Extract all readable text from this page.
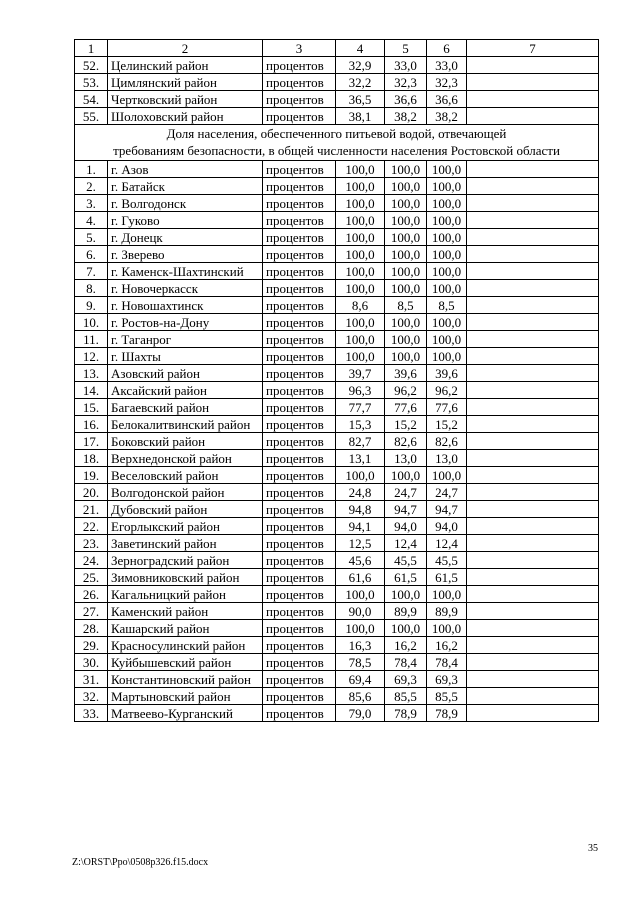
1	2	3	4	5	6	7
52.	Целинский район	процентов	32,9	33,0	33,0	
53.	Цимлянский район	процентов	32,2	32,3	32,3	
54.	Чертковский район	процентов	36,5	36,6	36,6	
55.	Шолоховский район	процентов	38,1	38,2	38,2	

Доля населения, обеспеченного питьевой водой, отвечающей
требованиям безопасности, в общей численности населения Ростовской области						

1.	г. Азов	процентов	100,0	100,0	100,0	
2.	г. Батайск	процентов	100,0	100,0	100,0	
3.	г. Волгодонск	процентов	100,0	100,0	100,0	
4.	г. Гуково	процентов	100,0	100,0	100,0	
5.	г. Донецк	процентов	100,0	100,0	100,0	
6.	г. Зверево	процентов	100,0	100,0	100,0	
7.	г. Каменск-Шахтинский	процентов	100,0	100,0	100,0	
8.	г. Новочеркасск	процентов	100,0	100,0	100,0	
9.	г. Новошахтинск	процентов	8,6	8,5	8,5	
10.	г. Ростов-на-Дону	процентов	100,0	100,0	100,0	
11.	г. Таганрог	процентов	100,0	100,0	100,0	
12.	г. Шахты	процентов	100,0	100,0	100,0	
13.	Азовский район	процентов	39,7	39,6	39,6	
14.	Аксайский район	процентов	96,3	96,2	96,2	
15.	Багаевский район	процентов	77,7	77,6	77,6	
16.	Белокалитвинский район	процентов	15,3	15,2	15,2	
17.	Боковский район	процентов	82,7	82,6	82,6	
18.	Верхнедонской район	процентов	13,1	13,0	13,0	
19.	Веселовский район	процентов	100,0	100,0	100,0	
20.	Волгодонской район	процентов	24,8	24,7	24,7	
21.	Дубовский район	процентов	94,8	94,7	94,7	
22.	Егорлыкский район	процентов	94,1	94,0	94,0	
23.	Заветинский район	процентов	12,5	12,4	12,4	
24.	Зерноградский район	процентов	45,6	45,5	45,5	
25.	Зимовниковский район	процентов	61,6	61,5	61,5	
26.	Кагальницкий район	процентов	100,0	100,0	100,0	
27.	Каменский район	процентов	90,0	89,9	89,9	
28.	Кашарский район	процентов	100,0	100,0	100,0	
29.	Красносулинский район	процентов	16,3	16,2	16,2	
30.	Куйбышевский район	процентов	78,5	78,4	78,4	
31.	Константиновский район	процентов	69,4	69,3	69,3	
32.	Мартыновский район	процентов	85,6	85,5	85,5	
33.	Матвеево-Курганский	процентов	79,0	78,9	78,9	
35
Z:\ORST\Ppo\0508p326.f15.docx
